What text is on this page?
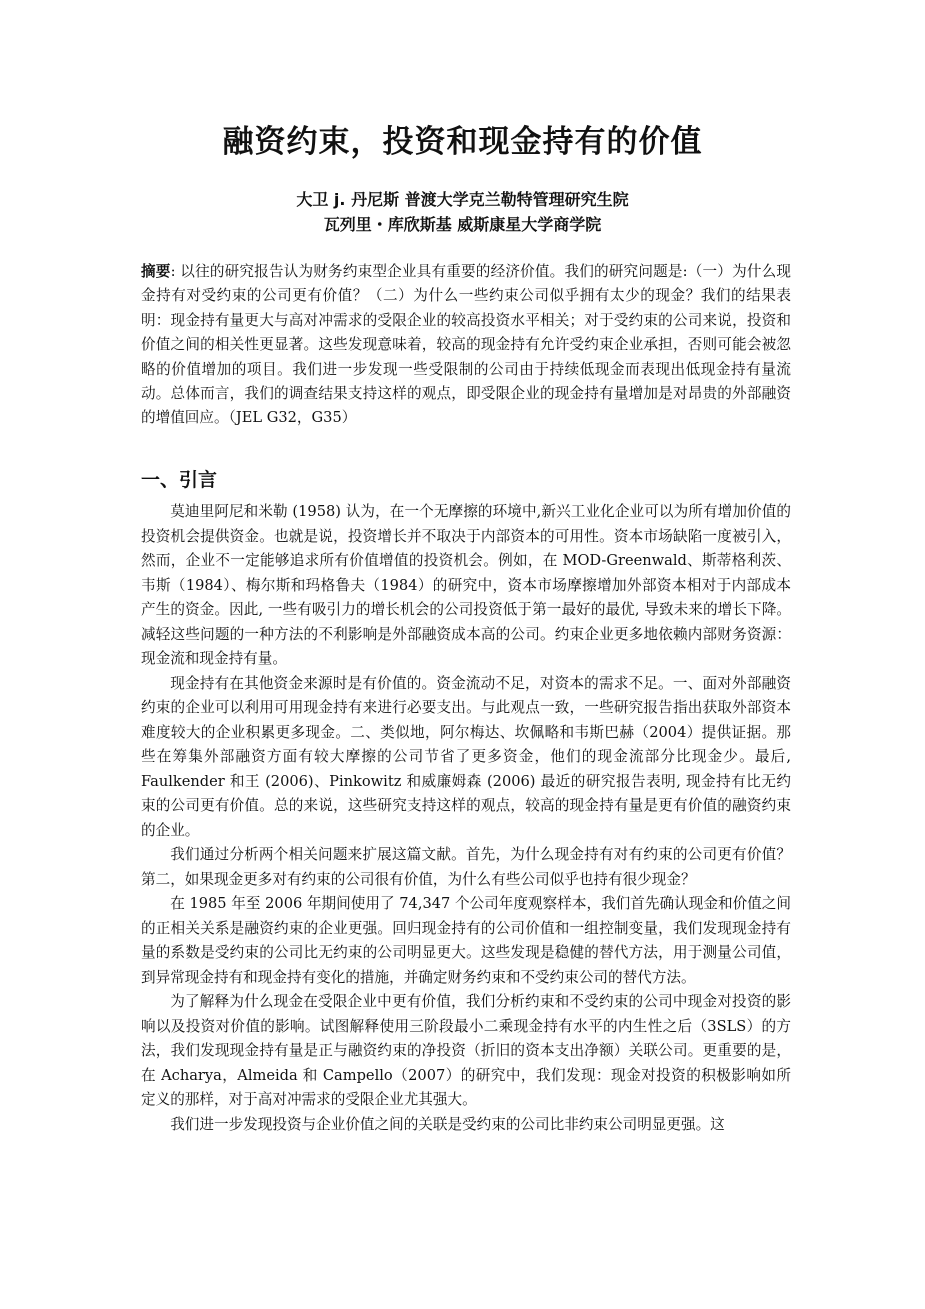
融资约束，投资和现金持有的价值
大卫 j. 丹尼斯 普渡大学克兰勒特管理研究生院
瓦列里・库欣斯基 威斯康星大学商学院
摘要: 以往的研究报告认为财务约束型企业具有重要的经济价值。我们的研究问题是:（一）为什么现金持有对受约束的公司更有价值？（二）为什么一些约束公司似乎拥有太少的现金？我们的结果表明：现金持有量更大与高对冲需求的受限企业的较高投资水平相关；对于受约束的公司来说，投资和价值之间的相关性更显著。这些发现意味着，较高的现金持有允许受约束企业承担，否则可能会被忽略的价值增加的项目。我们进一步发现一些受限制的公司由于持续低现金而表现出低现金持有量流动。总体而言，我们的调查结果支持这样的观点，即受限企业的现金持有量增加是对昂贵的外部融资的增值回应。（JEL G32，G35）
一、引言

莫迪里阿尼和米勒 (1958) 认为，在一个无摩擦的环境中,新兴工业化企业可以为所有增加价值的投资机会提供资金。也就是说，投资增长并不取决于内部资本的可用性。资本市场缺陷一度被引入，然而，企业不一定能够追求所有价值增值的投资机会。例如，在 MOD-Greenwald、斯蒂格利茨、韦斯（1984）、梅尔斯和玛格鲁夫（1984）的研究中，资本市场摩擦增加外部资本相对于内部成本产生的资金。因此, 一些有吸引力的增长机会的公司投资低于第一最好的最优, 导致未来的增长下降。减轻这些问题的一种方法的不利影响是外部融资成本高的公司。约束企业更多地依赖内部财务资源：现金流和现金持有量。

现金持有在其他资金来源时是有价值的。资金流动不足，对资本的需求不足。一、面对外部融资约束的企业可以利用可用现金持有来进行必要支出。与此观点一致，一些研究报告指出获取外部资本难度较大的企业积累更多现金。二、类似地，阿尔梅达、坎佩略和韦斯巴赫（2004）提供证据。那些在筹集外部融资方面有较大摩擦的公司节省了更多资金，他们的现金流部分比现金少。最后, Faulkender 和王 (2006)、Pinkowitz 和威廉姆森 (2006) 最近的研究报告表明, 现金持有比无约束的公司更有价值。总的来说，这些研究支持这样的观点，较高的现金持有量是更有价值的融资约束的企业。

我们通过分析两个相关问题来扩展这篇文献。首先，为什么现金持有对有约束的公司更有价值？第二，如果现金更多对有约束的公司很有价值，为什么有些公司似乎也持有很少现金？

在 1985 年至 2006 年期间使用了 74,347 个公司年度观察样本，我们首先确认现金和价值之间的正相关关系是融资约束的企业更强。回归现金持有的公司价值和一组控制变量，我们发现现金持有量的系数是受约束的公司比无约束的公司明显更大。这些发现是稳健的替代方法，用于测量公司值，到异常现金持有和现金持有变化的措施，并确定财务约束和不受约束公司的替代方法。

为了解释为什么现金在受限企业中更有价值，我们分析约束和不受约束的公司中现金对投资的影响以及投资对价值的影响。试图解释使用三阶段最小二乘现金持有水平的内生性之后（3SLS）的方法，我们发现现金持有量是正与融资约束的净投资（折旧的资本支出净额）关联公司。更重要的是，在 Acharya，Almeida 和 Campello（2007）的研究中，我们发现：现金对投资的积极影响如所定义的那样，对于高对冲需求的受限企业尤其强大。

我们进一步发现投资与企业价值之间的关联是受约束的公司比非约束公司明显更强。这
